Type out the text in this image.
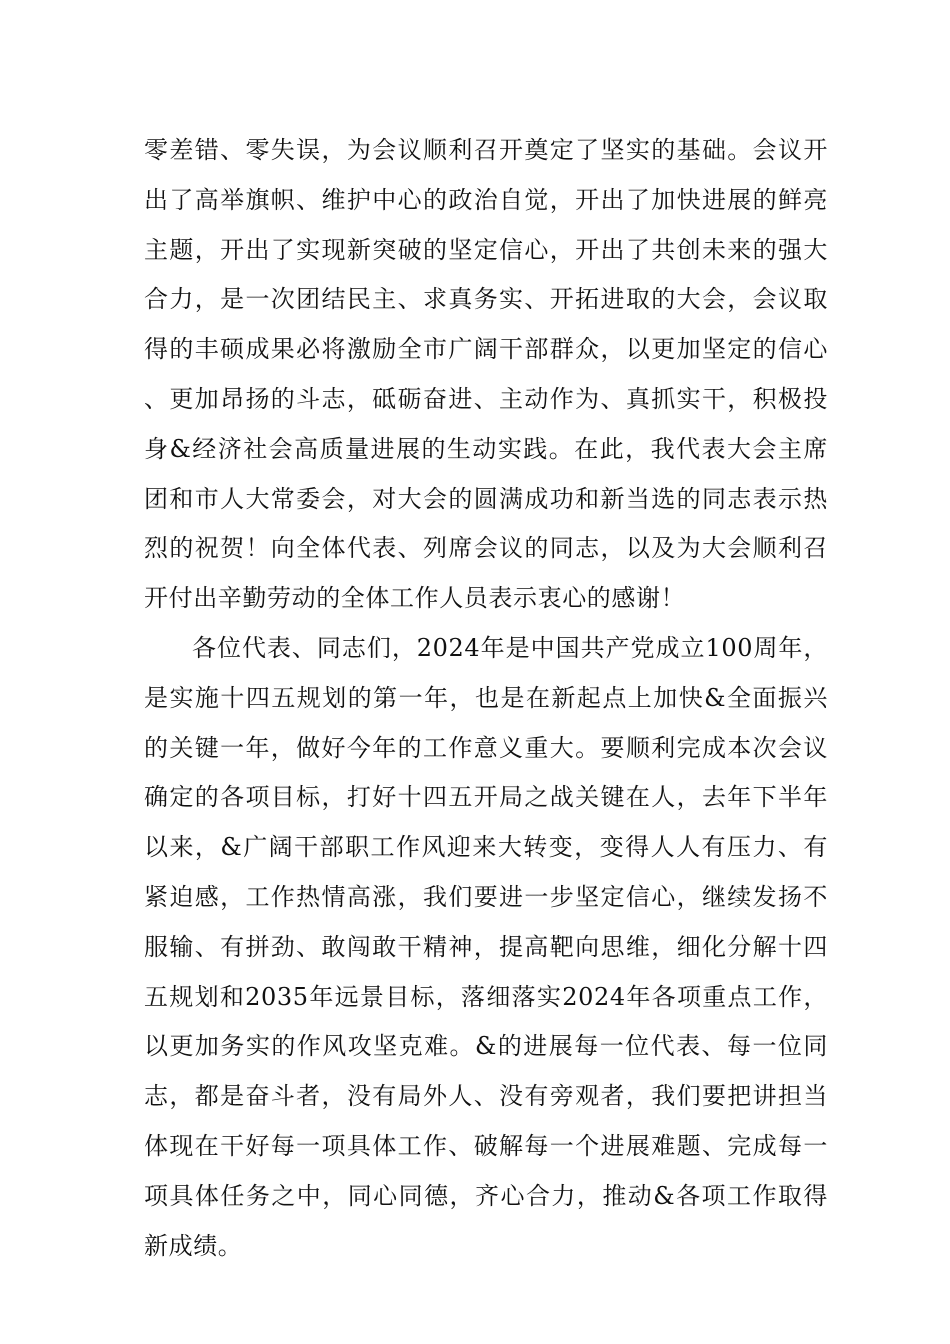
零差错、零失误，为会议顺利召开奠定了坚实的基础。会议开出了高举旗帜、维护中心的政治自觉，开出了加快进展的鲜亮主题，开出了实现新突破的坚定信心，开出了共创未来的强大合力，是一次团结民主、求真务实、开拓进取的大会，会议取得的丰硕成果必将激励全市广阔干部群众，以更加坚定的信心、更加昂扬的斗志，砥砺奋进、主动作为、真抓实干，积极投身&经济社会高质量进展的生动实践。在此，我代表大会主席团和市人大常委会，对大会的圆满成功和新当选的同志表示热烈的祝贺！向全体代表、列席会议的同志，以及为大会顺利召开付出辛勤劳动的全体工作人员表示衷心的感谢！

各位代表、同志们，2024年是中国共产党成立100周年，是实施十四五规划的第一年，也是在新起点上加快&全面振兴的关键一年，做好今年的工作意义重大。要顺利完成本次会议确定的各项目标，打好十四五开局之战关键在人，去年下半年以来，&广阔干部职工作风迎来大转变，变得人人有压力、有紧迫感，工作热情高涨，我们要进一步坚定信心，继续发扬不服输、有拼劲、敢闯敢干精神，提高靶向思维，细化分解十四五规划和2035年远景目标，落细落实2024年各项重点工作，以更加务实的作风攻坚克难。&的进展每一位代表、每一位同志，都是奋斗者，没有局外人、没有旁观者，我们要把讲担当体现在干好每一项具体工作、破解每一个进展难题、完成每一项具体任务之中，同心同德，齐心合力，推动&各项工作取得新成绩。
